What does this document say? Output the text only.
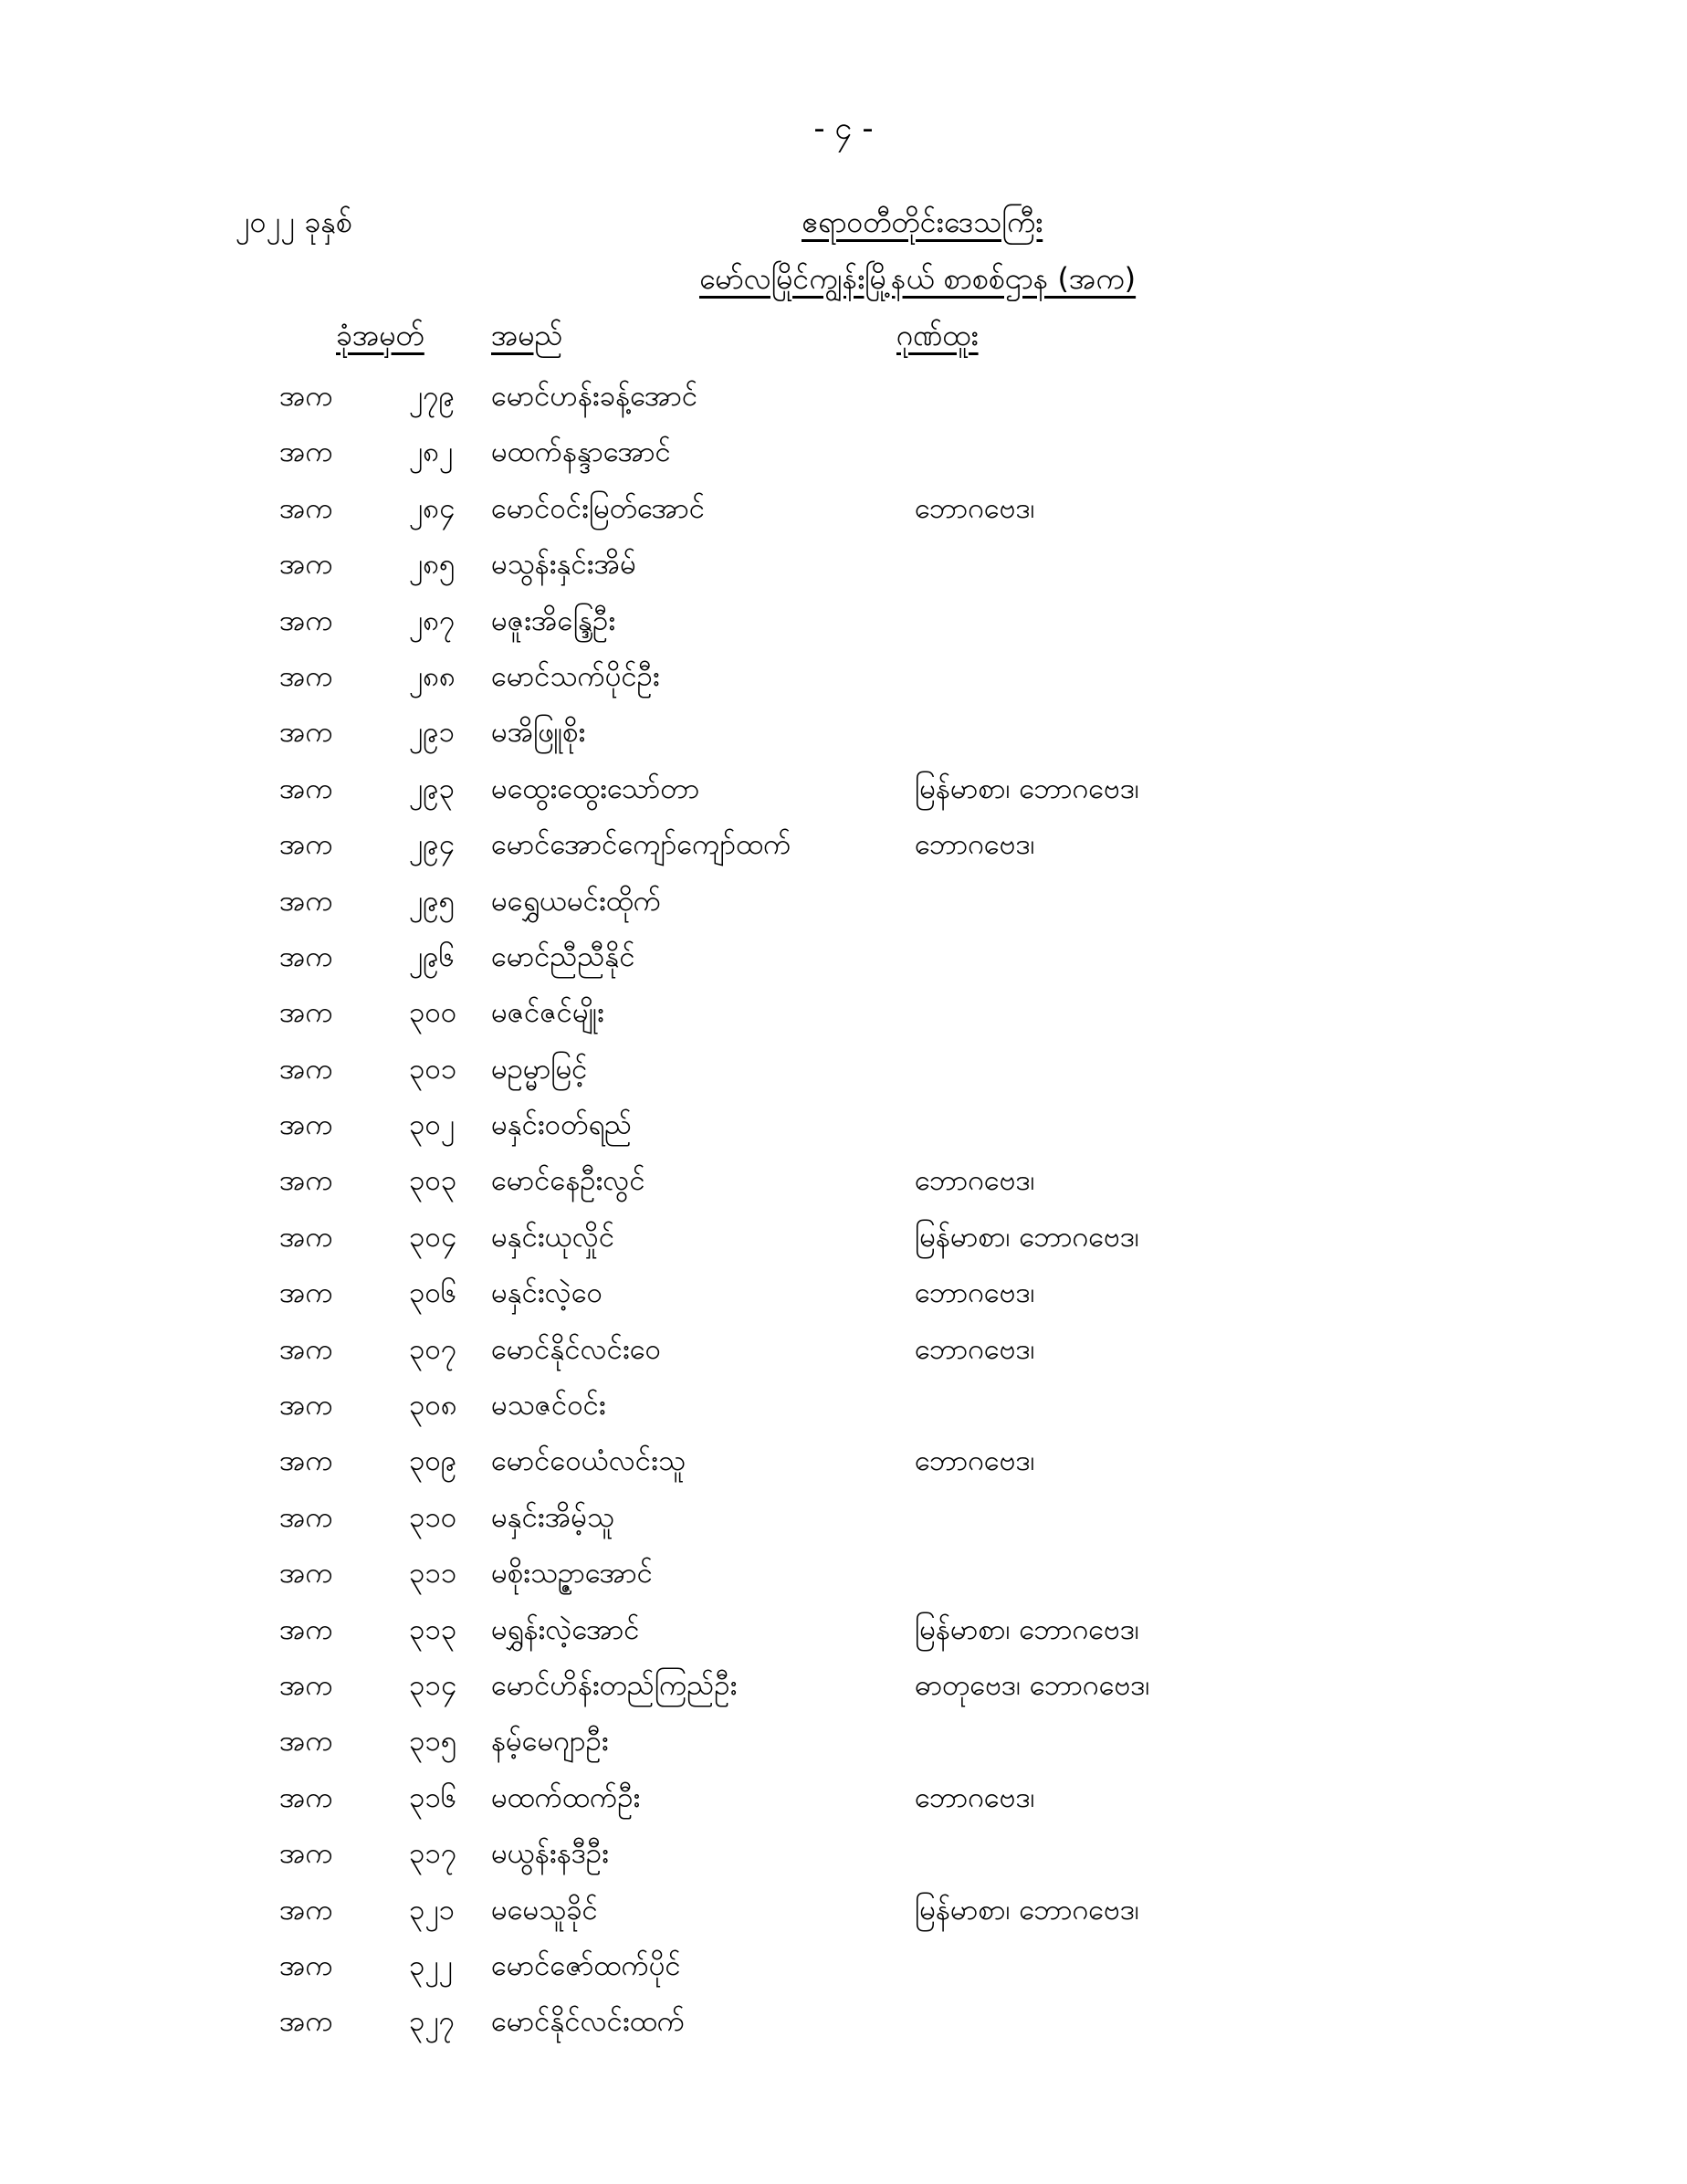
- ၄ -
၂၀၂၂ ခုနှစ်	ဧရာဝတီတိုင်းဒေသကြီး
မော်လမြိုင်ကျွန်းမြို့နယ် စာစစ်ဌာန (အက)
ခုံအမှတ် အမည်	ဂုဏ်ထူး
အက	၂၇၉ မောင်ဟန်းခန့်အောင်
အက	၂၈၂ မထက်နန္ဒာအောင်
အက	၂၈၄ မောင်ဝင်းမြတ်အောင်	ဘောဂဗေဒ၊
အက	၂၈၅ မသွန်းနှင်းအိမ်
အက	၂၈၇ မဇူးအိန္ဒြေဦး
အက	၂၈၈ မောင်သက်ပိုင်ဦး
အက	၂၉၁ မအိဖြူစိုး
အက	၂၉၃ မထွေးထွေးသော်တာ	မြန်မာစာ၊ ဘောဂဗေဒ၊
အက	၂၉၄ မောင်အောင်ကျော်ကျော်ထက်	ဘောဂဗေဒ၊
အက	၂၉၅ မရွှေယမင်းထိုက်
အက	၂၉၆ မောင်ညီညီနိုင်
အက	၃၀၀ မဇင်ဇင်မျိုး
အက	၃၀၁ မဥမ္မာမြင့်
အက	၃၀၂ မနှင်းဝတ်ရည်
အက	၃၀၃ မောင်နေဦးလွင်	ဘောဂဗေဒ၊
အက	၃၀၄ မနှင်းယုလှိုင်	မြန်မာစာ၊ ဘောဂဗေဒ၊
အက	၃၀၆ မနှင်းလဲ့ဝေ	ဘောဂဗေဒ၊
အက	၃၀၇ မောင်နိုင်လင်းဝေ	ဘောဂဗေဒ၊
အက	၃၀၈ မသဇင်ဝင်း
အက	၃၀၉ မောင်ဝေယံလင်းသူ	ဘောဂဗေဒ၊
အက	၃၁၀ မနှင်းအိမ့်သူ
အက	၃၁၁ မစိုးသဉ္ဇာအောင်
အက	၃၁၃ မရွှန်းလဲ့အောင်	မြန်မာစာ၊ ဘောဂဗေဒ၊
အက	၃၁၄ မောင်ဟိန်းတည်ကြည်ဦး	ဓာတုဗေဒ၊ ဘောဂဗေဒ၊
အက	၃၁၅ နမ့်မေဂျာဦး
အက	၃၁၆ မထက်ထက်ဦး	ဘောဂဗေဒ၊
အက	၃၁၇ မယွန်းနဒီဦး
အက	၃၂၁ မမေသူခိုင်	မြန်မာစာ၊ ဘောဂဗေဒ၊
အက	၃၂၂ မောင်ဇော်ထက်ပိုင်
အက	၃၂၇ မောင်နိုင်လင်းထက်
